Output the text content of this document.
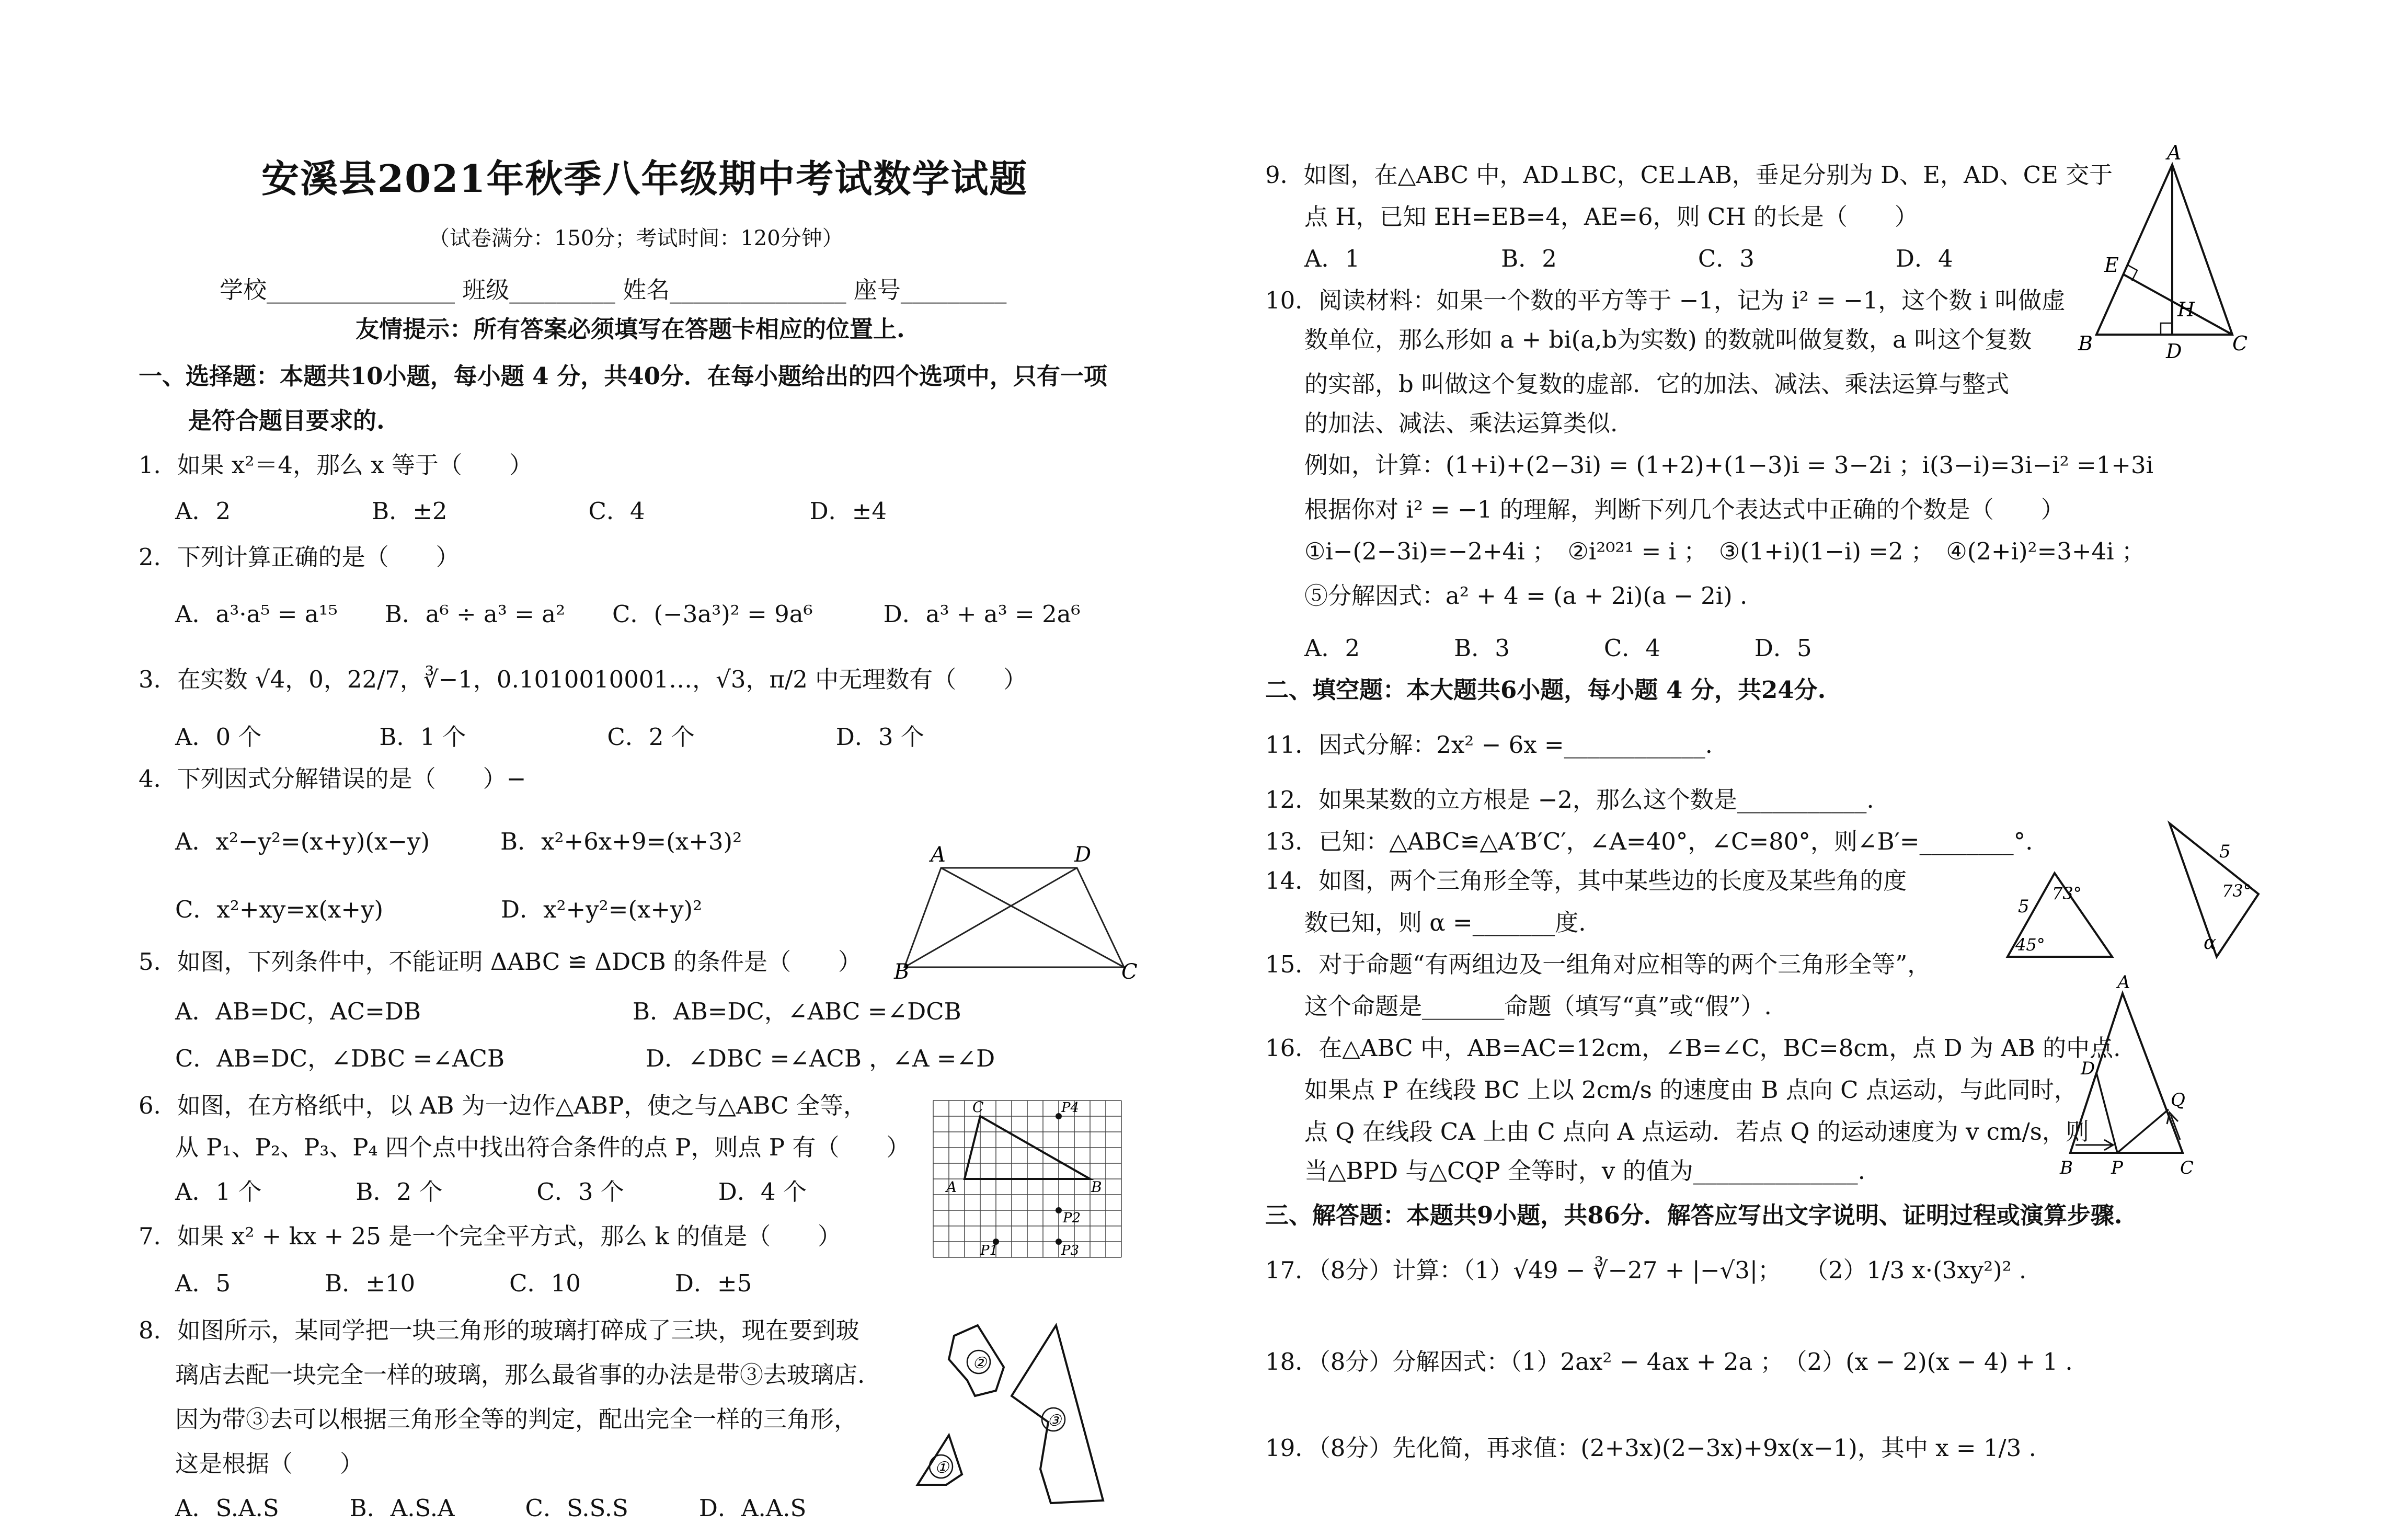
安溪县2021年秋季八年级期中考试数学试题
（试卷满分：150分；考试时间：120分钟）
学校________________ 班级_________ 姓名_______________ 座号_________
友情提示：所有答案必须填写在答题卡相应的位置上.
一、选择题：本题共10小题，每小题 4 分，共40分．在每小题给出的四个选项中，只有一项
是符合题目要求的.
1．如果 x²＝4，那么 x 等于（　　）
A．2　　　　　　B．±2　　　　　　C．4　　　　　　　D．±4
2．下列计算正确的是（　　）
A．a³·a⁵ = a¹⁵　　B．a⁶ ÷ a³ = a²　　C．(−3a³)² = 9a⁶　　　D．a³ + a³ = 2a⁶
3．在实数 √4，0，22/7，∛−1，0.1010010001…，√3，π/2 中无理数有（　　）
A．0 个　　　　　B．1 个　　　　　　C．2 个　　　　　　D．3 个
4．下列因式分解错误的是（　　）−
A．x²−y²=(x+y)(x−y)　　　B．x²+6x+9=(x+3)²
C．x²+xy=x(x+y)　　　　　D．x²+y²=(x+y)²
5．如图，下列条件中，不能证明 ΔABC ≌ ΔDCB 的条件是（　　）
A．AB=DC，AC=DB　　　　　　　　　B．AB=DC，∠ABC =∠DCB
C．AB=DC，∠DBC =∠ACB　　　　　　D．∠DBC =∠ACB ，∠A =∠D
6．如图，在方格纸中，以 AB 为一边作△ABP，使之与△ABC 全等，
从 P₁、P₂、P₃、P₄ 四个点中找出符合条件的点 P，则点 P 有（　　）
A．1 个　　　　B．2 个　　　　C．3 个　　　　D．4 个
7．如果 x² + kx + 25 是一个完全平方式，那么 k 的值是（　　）
A．5　　　　B．±10　　　　C．10　　　　D．±5
8．如图所示，某同学把一块三角形的玻璃打碎成了三块，现在要到玻
璃店去配一块完全一样的玻璃，那么最省事的办法是带③去玻璃店.
因为带③去可以根据三角形全等的判定，配出完全一样的三角形，
这是根据（　　）
A．S.A.S　　　B．A.S.A　　　C．S.S.S　　　D．A.A.S
A	D
B	C
C	P4
A	B
P2
P1	P3
②
③
①
9．如图，在△ABC 中，AD⊥BC，CE⊥AB，垂足分别为 D、E，AD、CE 交于
点 H，已知 EH=EB=4，AE=6，则 CH 的长是（　　）
A．1　　　　　　B．2　　　　　　C．3　　　　　　D．4
10．阅读材料：如果一个数的平方等于 −1，记为 i² = −1，这个数 i 叫做虚
数单位，那么形如 a + bi(a,b为实数) 的数就叫做复数，a 叫这个复数
的实部，b 叫做这个复数的虚部．它的加法、减法、乘法运算与整式
的加法、减法、乘法运算类似.
例如，计算：(1+i)+(2−3i) = (1+2)+(1−3)i = 3−2i ；i(3−i)=3i−i² =1+3i
根据你对 i² = −1 的理解，判断下列几个表达式中正确的个数是（　　）
①i−(2−3i)=−2+4i ；　②i²⁰²¹ = i ；　③(1+i)(1−i) =2 ；　④(2+i)²=3+4i ；
⑤分解因式：a² + 4 = (a + 2i)(a − 2i) .
A．2　　　　B．3　　　　C．4　　　　D．5
二、填空题：本大题共6小题，每小题 4 分，共24分.
11．因式分解：2x² − 6x =____________.
12．如果某数的立方根是 −2，那么这个数是___________.
13．已知：△ABC≌△A′B′C′，∠A=40°，∠C=80°，则∠B′=________°.
14．如图，两个三角形全等，其中某些边的长度及某些角的度
数已知，则 α =_______度.
15．对于命题“有两组边及一组角对应相等的两个三角形全等”，
这个命题是_______命题（填写“真”或“假”）.
16．在△ABC 中，AB=AC=12cm，∠B=∠C，BC=8cm，点 D 为 AB 的中点.
如果点 P 在线段 BC 上以 2cm/s 的速度由 B 点向 C 点运动，与此同时，
点 Q 在线段 CA 上由 C 点向 A 点运动．若点 Q 的运动速度为 v cm/s，则
当△BPD 与△CQP 全等时，v 的值为______________.
三、解答题：本题共9小题，共86分．解答应写出文字说明、证明过程或演算步骤.
17．（8分）计算：（1）√49 − ∛−27 + |−√3|；　　（2）1/3 x·(3xy²)² .
18．（8分）分解因式：（1）2ax² − 4ax + 2a ；　（2）(x − 2)(x − 4) + 1 .
19．（8分）先化简，再求值：(2+3x)(2−3x)+9x(x−1)，其中 x = 1/3 .
A
E
H
B	D	C
5
73°
45°
5
73°
α
A
D
Q
B P	C
